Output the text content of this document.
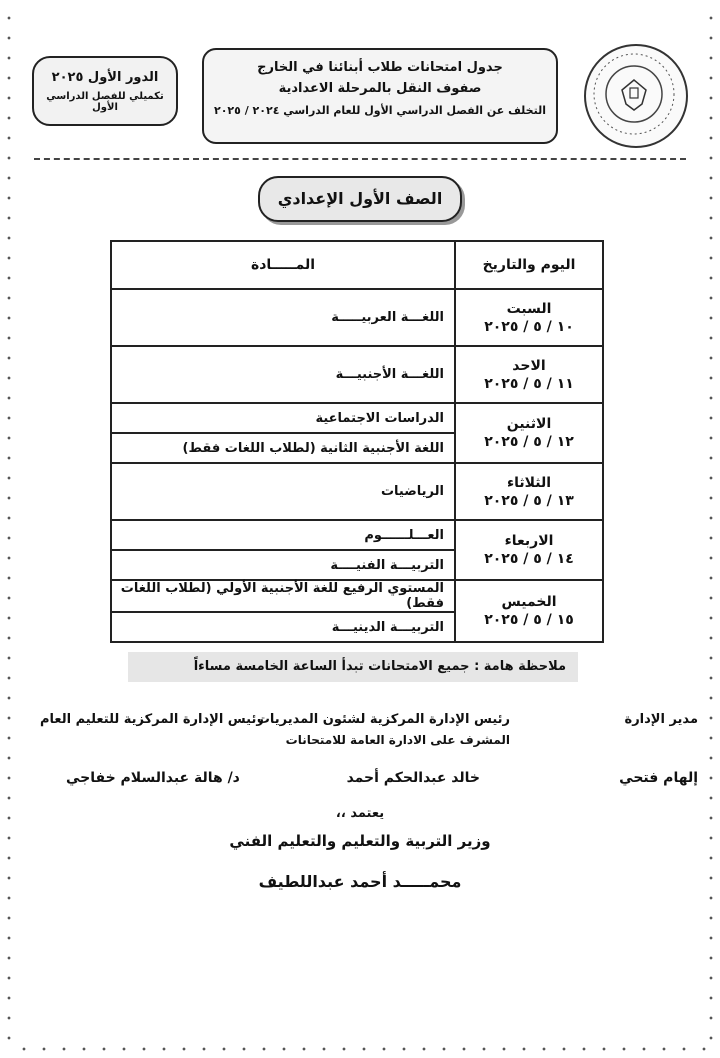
الدور الأول ٢٠٢٥
تكميلي للفصل الدراسي الأول
جدول امتحانات طلاب أبنائنا في الخارج
صفوف النقل بالمرحلة الاعدادية
التخلف عن الفصل الدراسي الأول للعام الدراسي ٢٠٢٤ / ٢٠٢٥
الصف الأول الإعدادي
اليوم والتاريخ	المـــــادة

السبت
١٠ / ٥ / ٢٠٢٥	اللغـــة العربيـــــة

الاحد
١١ / ٥ / ٢٠٢٥	اللغـــة الأجنبيـــة

الاثنين
١٢ / ٥ / ٢٠٢٥	الدراسات الاجتماعية
	اللغة الأجنبية الثانية (لطلاب اللغات فقط)

الثلاثاء
١٣ / ٥ / ٢٠٢٥	الرياضيات

الاربعاء
١٤ / ٥ / ٢٠٢٥	العـــلــــــوم
	التربيـــة الفنيــــة

الخميس
١٥ / ٥ / ٢٠٢٥	المستوي الرفيع للغة الأجنبية الأولي (لطلاب اللغات فقط)
	التربيـــة الدينيـــة
ملاحظة هامة : جميع الامتحانات تبدأ الساعة الخامسة مساءاً
مدير الإدارة
إلهام فتحي
رئيس الإدارة المركزية لشئون المديريات
المشرف على الادارة العامة للامتحانات
خالد عبدالحكم أحمد
رئيس الإدارة المركزية للتعليم العام
د/ هالة عبدالسلام خفاجي
يعتمد ،،
وزير التربية والتعليم والتعليم الفني
محمـــــد أحمد عبداللطيف
